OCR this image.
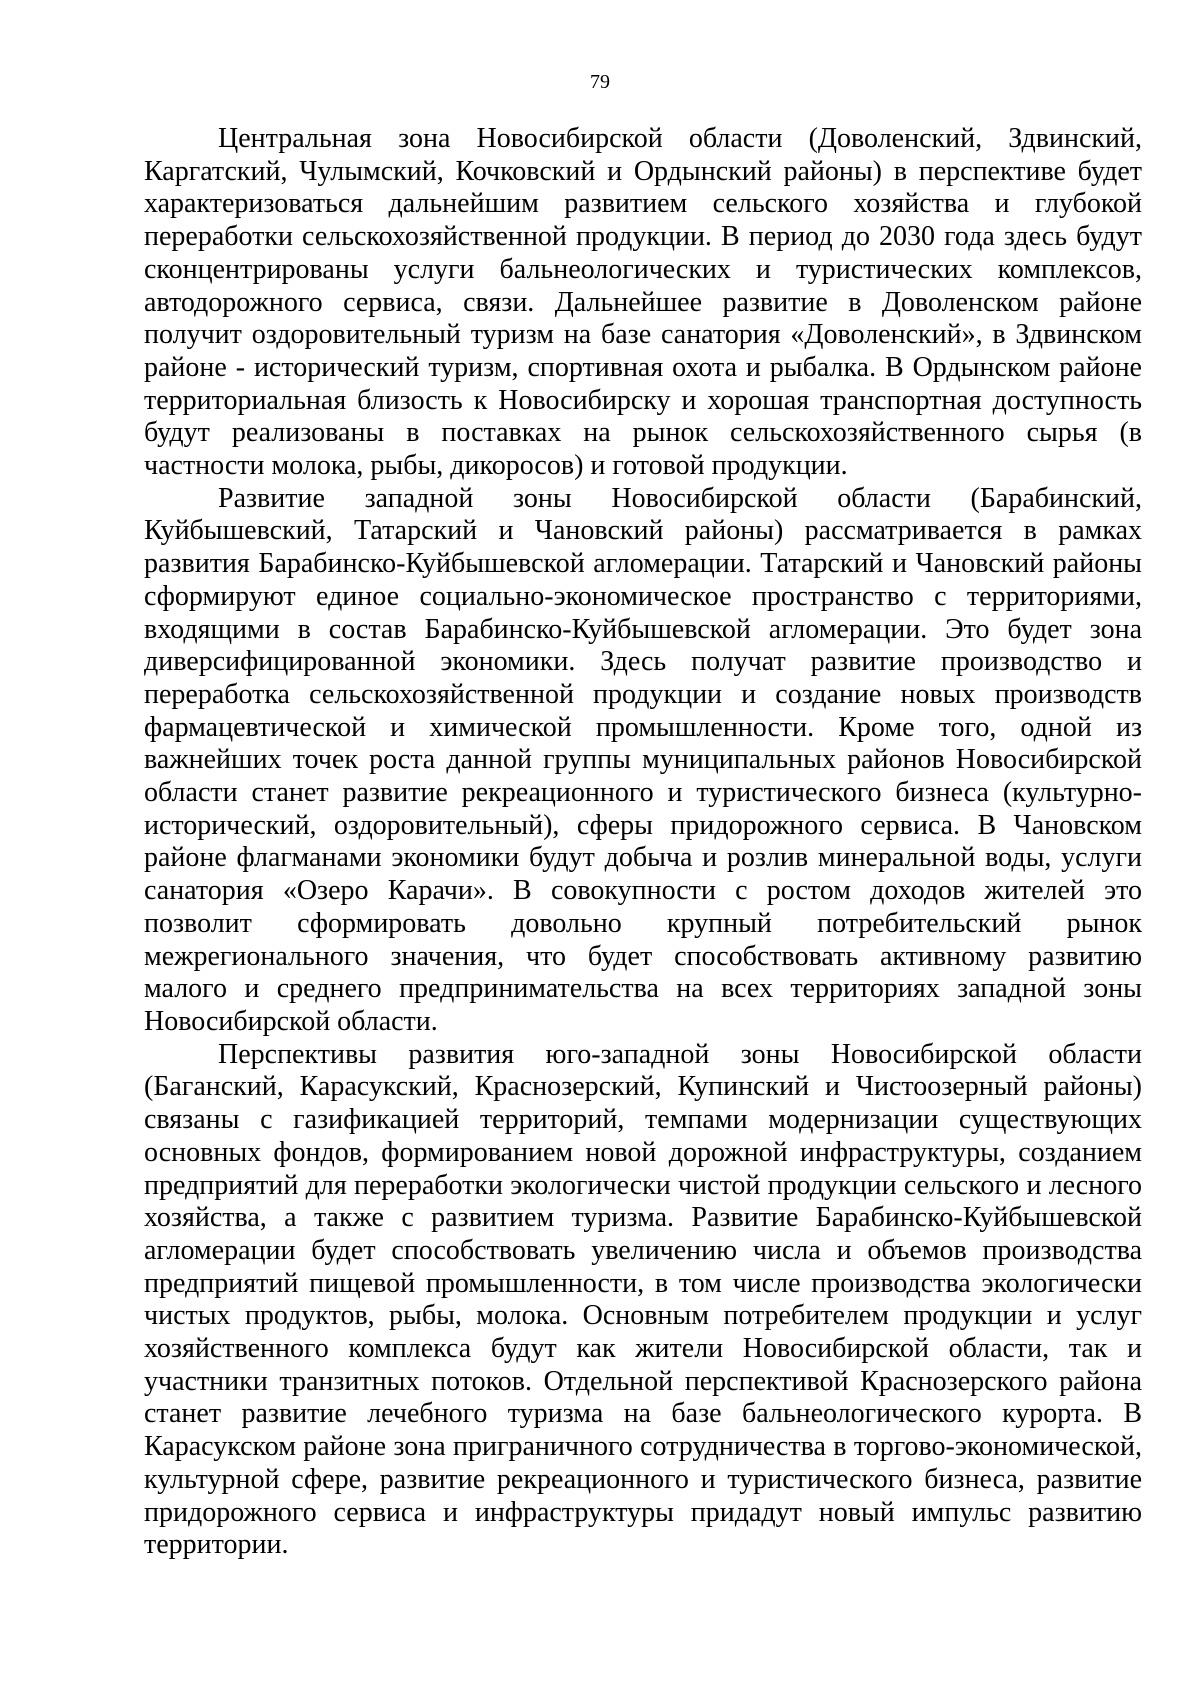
79

Центральная зона Новосибирской области (Доволенский, Здвинский, Каргатский, Чулымский, Кочковский и Ордынский районы) в перспективе будет характеризоваться дальнейшим развитием сельского хозяйства и глубокой переработки сельскохозяйственной продукции. В период до 2030 года здесь будут сконцентрированы услуги бальнеологических и туристических комплексов, автодорожного сервиса, связи. Дальнейшее развитие в Доволенском районе получит оздоровительный туризм на базе санатория «Доволенский», в Здвинском районе - исторический туризм, спортивная охота и рыбалка. В Ордынском районе территориальная близость к Новосибирску и хорошая транспортная доступность будут реализованы в поставках на рынок сельскохозяйственного сырья (в частности молока, рыбы, дикоросов) и готовой продукции.

Развитие западной зоны Новосибирской области (Барабинский, Куйбышевский, Татарский и Чановский районы) рассматривается в рамках развития Барабинско-Куйбышевской агломерации. Татарский и Чановский районы сформируют единое социально-экономическое пространство с территориями, входящими в состав Барабинско-Куйбышевской агломерации. Это будет зона диверсифицированной экономики. Здесь получат развитие производство и переработка сельскохозяйственной продукции и создание новых производств фармацевтической и химической промышленности. Кроме того, одной из важнейших точек роста данной группы муниципальных районов Новосибирской области станет развитие рекреационного и туристического бизнеса (культурно-исторический, оздоровительный), сферы придорожного сервиса. В Чановском районе флагманами экономики будут добыча и розлив минеральной воды, услуги санатория «Озеро Карачи». В совокупности с ростом доходов жителей это позволит сформировать довольно крупный потребительский рынок межрегионального значения, что будет способствовать активному развитию малого и среднего предпринимательства на всех территориях западной зоны Новосибирской области.

Перспективы развития юго-западной зоны Новосибирской области (Баганский, Карасукский, Краснозерский, Купинский и Чистоозерный районы) связаны с газификацией территорий, темпами модернизации существующих основных фондов, формированием новой дорожной инфраструктуры, созданием предприятий для переработки экологически чистой продукции сельского и лесного хозяйства, а также с развитием туризма. Развитие Барабинско-Куйбышевской агломерации будет способствовать увеличению числа и объемов производства предприятий пищевой промышленности, в том числе производства экологически чистых продуктов, рыбы, молока. Основным потребителем продукции и услуг хозяйственного комплекса будут как жители Новосибирской области, так и участники транзитных потоков. Отдельной перспективой Краснозерского района станет развитие лечебного туризма на базе бальнеологического курорта. В Карасукском районе зона приграничного сотрудничества в торгово-экономической, культурной сфере, развитие рекреационного и туристического бизнеса, развитие придорожного сервиса и инфраструктуры придадут новый импульс развитию территории.
